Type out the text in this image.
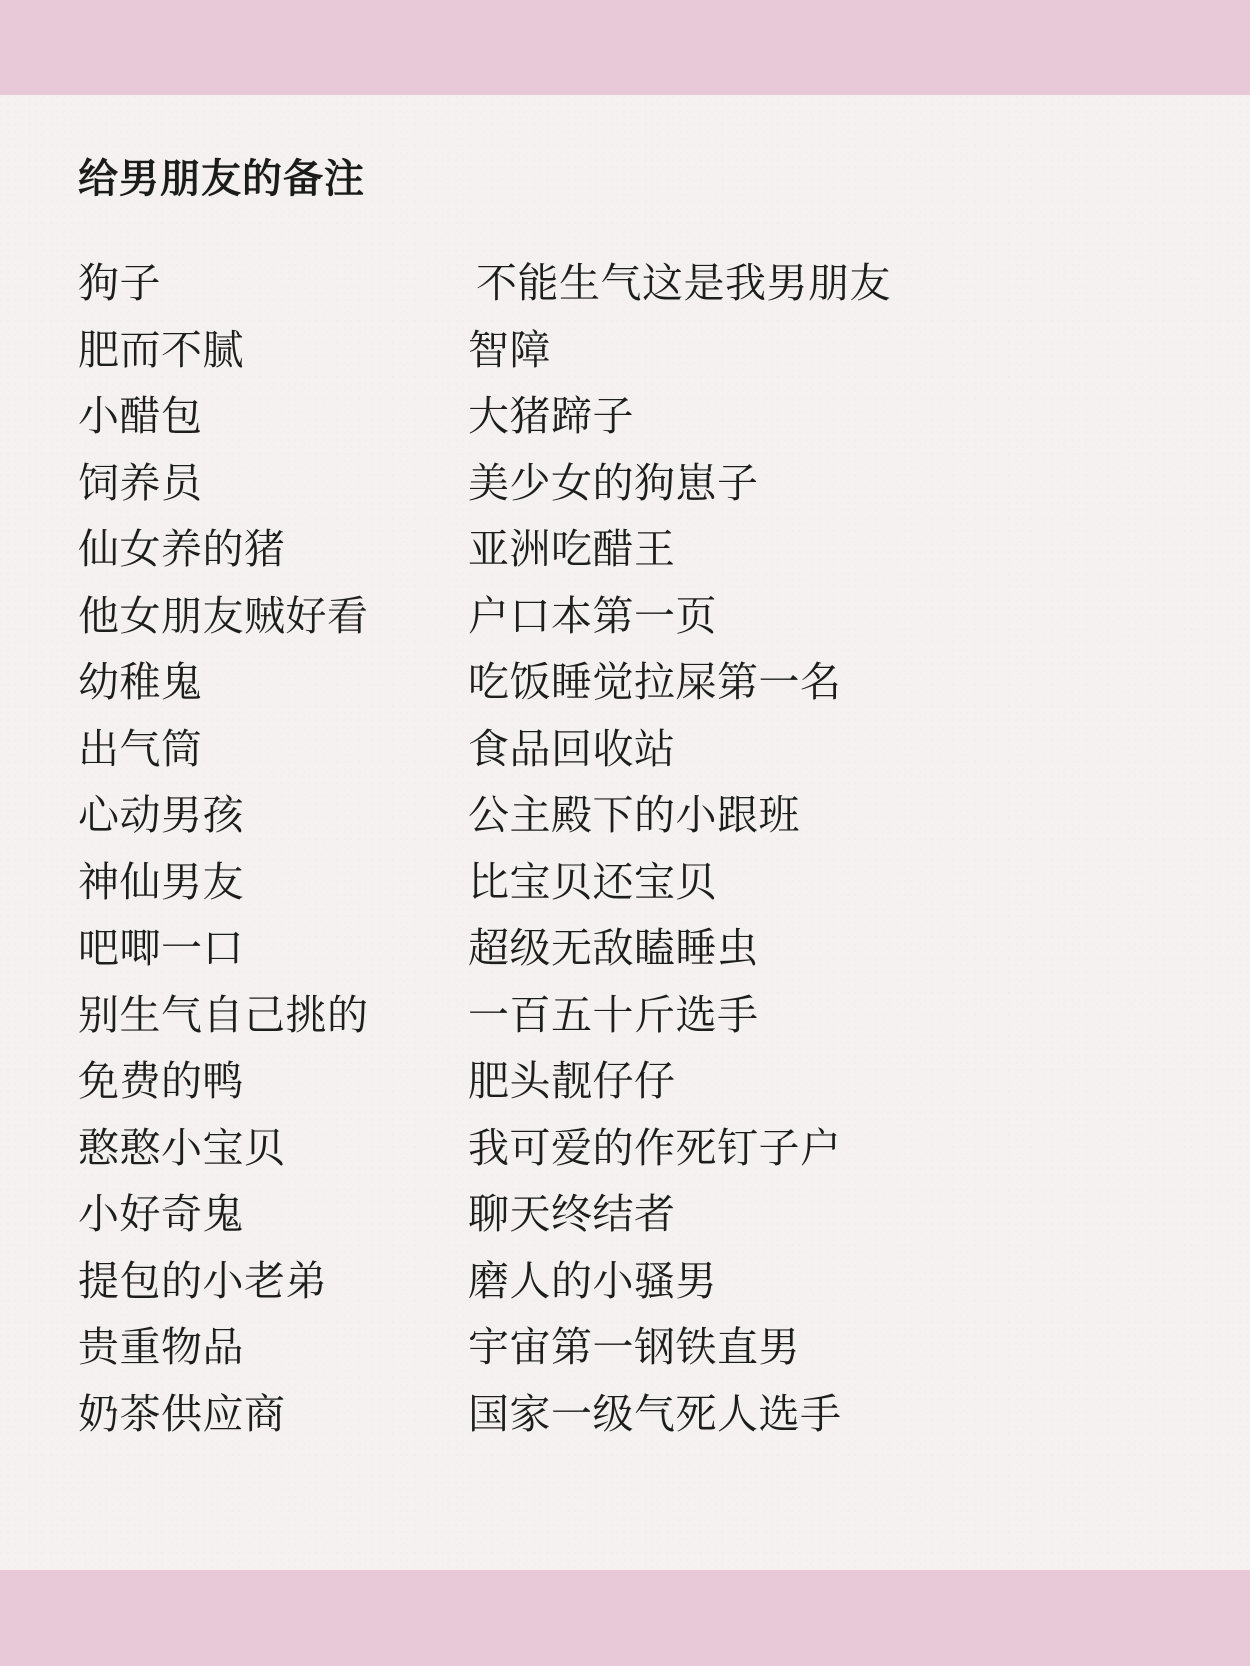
给男朋友的备注
狗子	不能生气这是我男朋友
肥而不腻	智障
小醋包	大猪蹄子
饲养员	美少女的狗崽子
仙女养的猪	亚洲吃醋王
他女朋友贼好看	户口本第一页
幼稚鬼	吃饭睡觉拉屎第一名
出气筒	食品回收站
心动男孩	公主殿下的小跟班
神仙男友	比宝贝还宝贝
吧唧一口	超级无敌瞌睡虫
别生气自己挑的	一百五十斤选手
免费的鸭	肥头靓仔仔
憨憨小宝贝	我可爱的作死钉子户
小好奇鬼	聊天终结者
提包的小老弟	磨人的小骚男
贵重物品	宇宙第一钢铁直男
奶茶供应商	国家一级气死人选手
